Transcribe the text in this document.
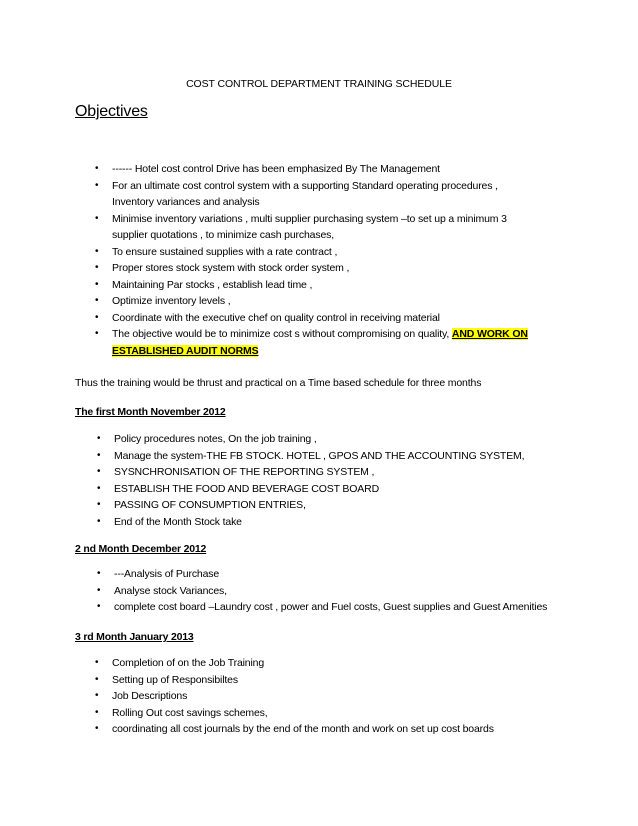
COST CONTROL DEPARTMENT TRAINING SCHEDULE
Objectives
• ------ Hotel cost control Drive has been emphasized By The Management
• For an ultimate cost control system with a supporting Standard operating procedures ,
Inventory variances and analysis
• Minimise inventory variations , multi supplier purchasing system –to set up a minimum 3
supplier quotations , to minimize cash purchases,
• To ensure sustained supplies with a rate contract ,
• Proper stores stock system with stock order system ,
• Maintaining Par stocks , establish lead time ,
• Optimize inventory levels ,
• Coordinate with the executive chef on quality control in receiving material
• The objective would be to minimize cost s without compromising on quality, AND WORK ON
ESTABLISHED AUDIT NORMS
Thus the training would be thrust and practical on a Time based schedule for three months
The first Month November 2012
• Policy procedures notes, On the job training ,
• Manage the system-THE FB STOCK. HOTEL , GPOS AND THE ACCOUNTING SYSTEM,
• SYSNCHRONISATION OF THE REPORTING SYSTEM ,
• ESTABLISH THE FOOD AND BEVERAGE COST BOARD
• PASSING OF CONSUMPTION ENTRIES,
• End of the Month Stock take
2 nd Month December 2012
• ---Analysis of Purchase
• Analyse stock Variances,
• complete cost board –Laundry cost , power and Fuel costs, Guest supplies and Guest Amenities
3 rd Month January 2013
• Completion of on the Job Training
• Setting up of Responsibiltes
• Job Descriptions
• Rolling Out cost savings schemes,
• coordinating all cost journals by the end of the month and work on set up cost boards
